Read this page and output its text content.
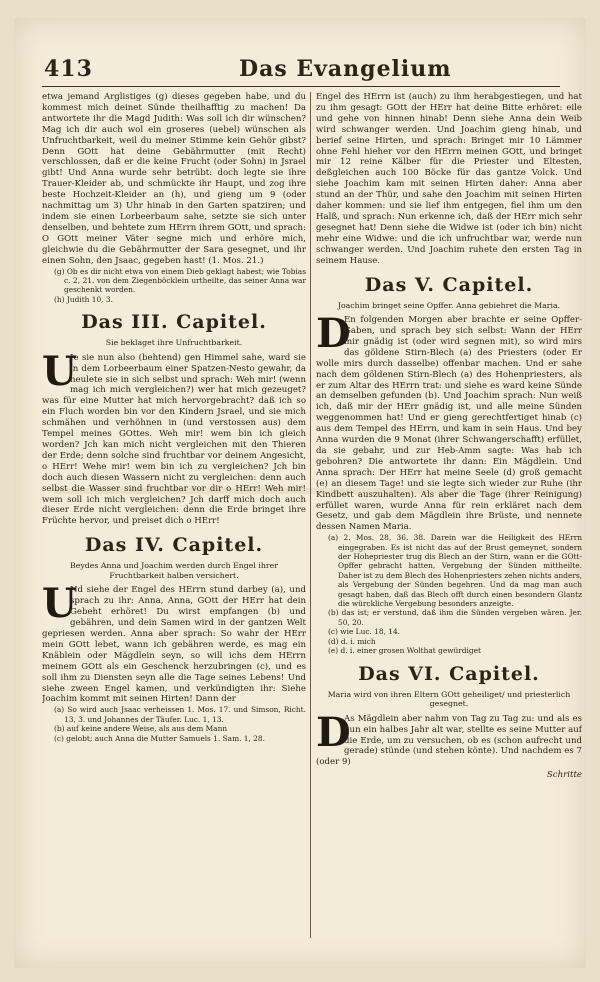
413	Das Evangelium

etwa jemand Arglistiges (g) dieses gegeben habe, und du kommest mich deinet Sünde theilhafftig zu machen! Da antwortete ihr die Magd Judith: Was soll ich dir wünschen? Mag ich dir auch wol ein groseres (uebel) wünschen als Unfruchtbarkeit, weil du meiner Stimme kein Gehör gibst? Denn GOtt hat deine Gebährmutter (mit Recht) verschlossen, daß er die keine Frucht (oder Sohn) in Jsrael gibt! Und Anna wurde sehr betrübt: doch legte sie ihre Trauer-Kleider ab, und schmückte ihr Haupt, und zog ihre beste Hochzeit-Kleider an (h), und gieng um 9 (oder nachmittag um 3) Uhr hinab in den Garten spatziren; und indem sie einen Lorbeerbaum sahe, setzte sie sich unter denselben, und behtete zum HErrn ihrem GOtt, und sprach: O GOtt meiner Väter segne mich und erhöre mich, gleichwie du die Gebährmutter der Sara gesegnet, und ihr einen Sohn, den Jsaac, gegeben hast! (1. Mos. 21.)

(g) Ob es dir nicht etwa von einem Dieb geklagt habest; wie Tobias c. 2, 21. von dem Ziegenböcklein urtheilte, das seiner Anna war geschenkt worden.

(h) Judith 10, 3.

Das III. Capitel.
Sie beklaget ihre Unfruchtbarkeit.
U

Je sie nun also (behtend) gen Himmel sahe, ward sie in dem Lorbeerbaum einer Spatzen-Nesto gewahr, da heulete sie in sich selbst und sprach: Weh mir! (wenn mag ich mich vergleichen?) wer hat mich gezeuget? was für eine Mutter hat mich hervorgebracht? daß ich so ein Fluch worden bin vor den Kindern Jsrael, und sie mich schmähen und verhöhnen in (und verstossen aus) dem Tempel meines GOttes. Weh mir! wem bin ich gleich worden? Jch kan mich nicht vergleichen mit den Thieren der Erde; denn solche sind fruchtbar vor deinem Angesicht, o HErr! Wehe mir! wem bin ich zu vergleichen? Jch bin doch auch diesen Wassern nicht zu vergleichen: denn auch selbst die Wasser sind fruchtbar vor dir o HErr! Weh mir! wem soll ich mich vergleichen? Jch darff mich doch auch dieser Erde nicht vergleichen: denn die Erde bringet ihre Früchte hervor, und preiset dich o HErr!

Das IV. Capitel.
Beydes Anna und Joachim werden durch Engel ihrer Fruchtbarkeit halben versichert.
U

Nd siehe der Engel des HErrn stund darbey (a), und sprach zu ihr: Anna, Anna, GOtt der HErr hat dein Gebeht erhöret! Du wirst empfangen (b) und gebähren, und dein Samen wird in der gantzen Welt gepriesen werden. Anna aber sprach: So wahr der HErr mein GOtt lebet, wann ich gebähren werde, es mag ein Knäblein oder Mägdlein seyn, so will ichs dem HErrn meinem GOtt als ein Geschenck herzubringen (c), und es soll ihm zu Diensten seyn alle die Tage seines Lebens! Und siehe zween Engel kamen, und verkündigten ihr: Siehe Joachim kommt mit seinen Hirten! Dann der

(a) So wird auch Jsaac verheissen 1. Mos. 17. und Simson, Richt. 13, 3. und Johannes der Täufer. Luc. 1, 13.

(b) auf keine andere Weise, als aus dem Mann

(c) gelobt; auch Anna die Mutter Samuels 1. Sam. 1, 28.

Engel des HErrn ist (auch) zu ihm herabgestiegen, und hat zu ihm gesagt: GOtt der HErr hat deine Bitte erhöret: eile und gehe von hinnen hinab! Denn siehe Anna dein Weib wird schwanger werden. Und Joachim gieng hinab, und berief seine Hirten, und sprach: Bringet mir 10 Lämmer ohne Fehl hieher vor den HErrn meinen GOtt, und bringet mir 12 reine Kälber für die Priester und Eltesten, deßgleichen auch 100 Böcke für das gantze Volck. Und siehe Joachim kam mit seinen Hirten daher: Anna aber stund an der Thür, und sahe den Joachim mit seinen Hirten daher kommen: und sie lief ihm entgegen, fiel ihm um den Halß, und sprach: Nun erkenne ich, daß der HErr mich sehr gesegnet hat! Denn siehe die Widwe ist (oder ich bin) nicht mehr eine Widwe: und die ich unfruchtbar war, werde nun schwanger werden. Und Joachim ruhete den ersten Tag in seinem Hause.

Das V. Capitel.
Joachim bringet seine Opffer. Anna gebiehret die Maria.
D

En folgenden Morgen aber brachte er seine Opffer-Gaben, und sprach bey sich selbst: Wann der HErr mir gnädig ist (oder wird segnen mit), so wird mirs das göldene Stirn-Blech (a) des Priesters (oder Er wolle mirs durch dasselbe) offenbar machen. Und er sahe nach dem göldenen Stirn-Blech (a) des Hohenpriesters, als er zum Altar des HErrn trat: und siehe es ward keine Sünde an demselben gefunden (b). Und Joachim sprach: Nun weiß ich, daß mir der HErr gnädig ist, und alle meine Sünden weggenommen hat! Und er gieng gerechtfertiget hinab (c) aus dem Tempel des HErrn, und kam in sein Haus. Und bey Anna wurden die 9 Monat (ihrer Schwangerschafft) erfüllet, da sie gebahr, und zur Heb-Amm sagte: Was hab ich gebohren? Die antwortete ihr dann: Ein Mägdlein. Und Anna sprach: Der HErr hat meine Seele (d) groß gemacht (e) an diesem Tage! und sie legte sich wieder zur Ruhe (ihr Kindbett auszuhalten). Als aber die Tage (ihrer Reinigung) erfüllet waren, wurde Anna für rein erkläret nach dem Gesetz, und gab dem Mägdlein ihre Brüste, und nennete dessen Namen Maria.

(a) 2. Mos. 28, 36. 38. Darein war die Heiligkeit des HErrn eingegraben. Es ist nicht das auf der Brust gemeynet, sondern der Hohepriester trug dis Blech an der Stirn, wann er die GOtt-Opffer gebracht hatten, Vergebung der Sünden mittheilte. Daher ist zu dem Blech des Hohenpriesters zehen nichts anders, als Vergebung der Sünden begehren. Und da mag man auch gesagt haben, daß das Blech offt durch einen besondern Glantz die würckliche Vergebung besonders anzeigte.

(b) das ist; er verstund, daß ihm die Sünden vergeben wären. Jer. 50, 20.

(c) wie Luc. 18, 14.

(d) d. i. mich

(e) d. i. einer grosen Wolthat gewürdiget

Das VI. Capitel.
Maria wird von ihren Eltern GOtt geheiliget/ und priesterlich gesegnet.
D

As Mägdlein aber nahm von Tag zu Tag zu: und als es nun ein halbes Jahr alt war, stellte es seine Mutter auf die Erde, um zu versuchen, ob es (schon aufrecht und gerade) stünde (und stehen könte). Und nachdem es 7 (oder 9)

Schritte
